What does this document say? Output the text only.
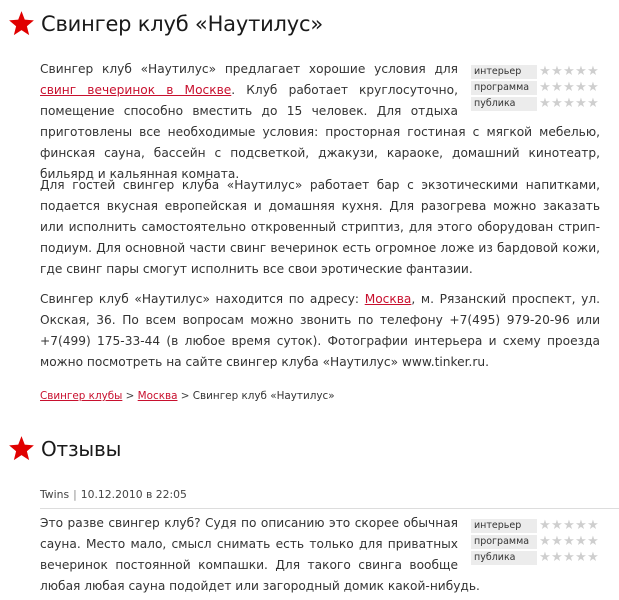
Свингер клуб «Наутилус»
интерьер	★ ★ ★ ★ ★
программа ★ ★ ★ ★ ★
публика	★ ★ ★ ★ ★

Свингер клуб «Наутилус» предлагает хорошие условия для свинг вечеринок в Москве. Клуб работает круглосуточно, помещение способно вместить до 15 человек. Для отдыха приготовлены все необходимые условия: просторная гостиная с мягкой мебелью, финская сауна, бассейн с подсветкой, джакузи, караоке, домашний кинотеатр, бильярд и кальянная комната.

Для гостей свингер клуба «Наутилус» работает бар с экзотическими напитками, подается вкусная европейская и домашняя кухня. Для разогрева можно заказать или исполнить самостоятельно откровенный стриптиз, для этого оборудован стрип-подиум. Для основной части свинг вечеринок есть огромное ложе из бардовой кожи, где свинг пары смогут исполнить все свои эротические фантазии.

Свингер клуб «Наутилус» находится по адресу: Москва, м. Рязанский проспект, ул. Окская, 36. По всем вопросам можно звонить по телефону +7(495) 979-20-96 или +7(499) 175-33-44 (в любое время суток). Фотографии интерьера и схему проезда можно посмотреть на сайте свингер клуба «Наутилус» www.tinker.ru.

Свингер клубы > Москва > Свингер клуб «Наутилус»
Отзывы
Twins | 10.12.2010 в 22:05
интерьер	★ ★ ★ ★ ★
программа ★ ★ ★ ★ ★
публика	★ ★ ★ ★ ★

Это разве свингер клуб? Судя по описанию это скорее обычная сауна. Место мало, смысл снимать есть только для приватных вечеринок постоянной компашки. Для такого свинга вообще любая любая сауна подойдет или загородный домик какой-нибудь.
